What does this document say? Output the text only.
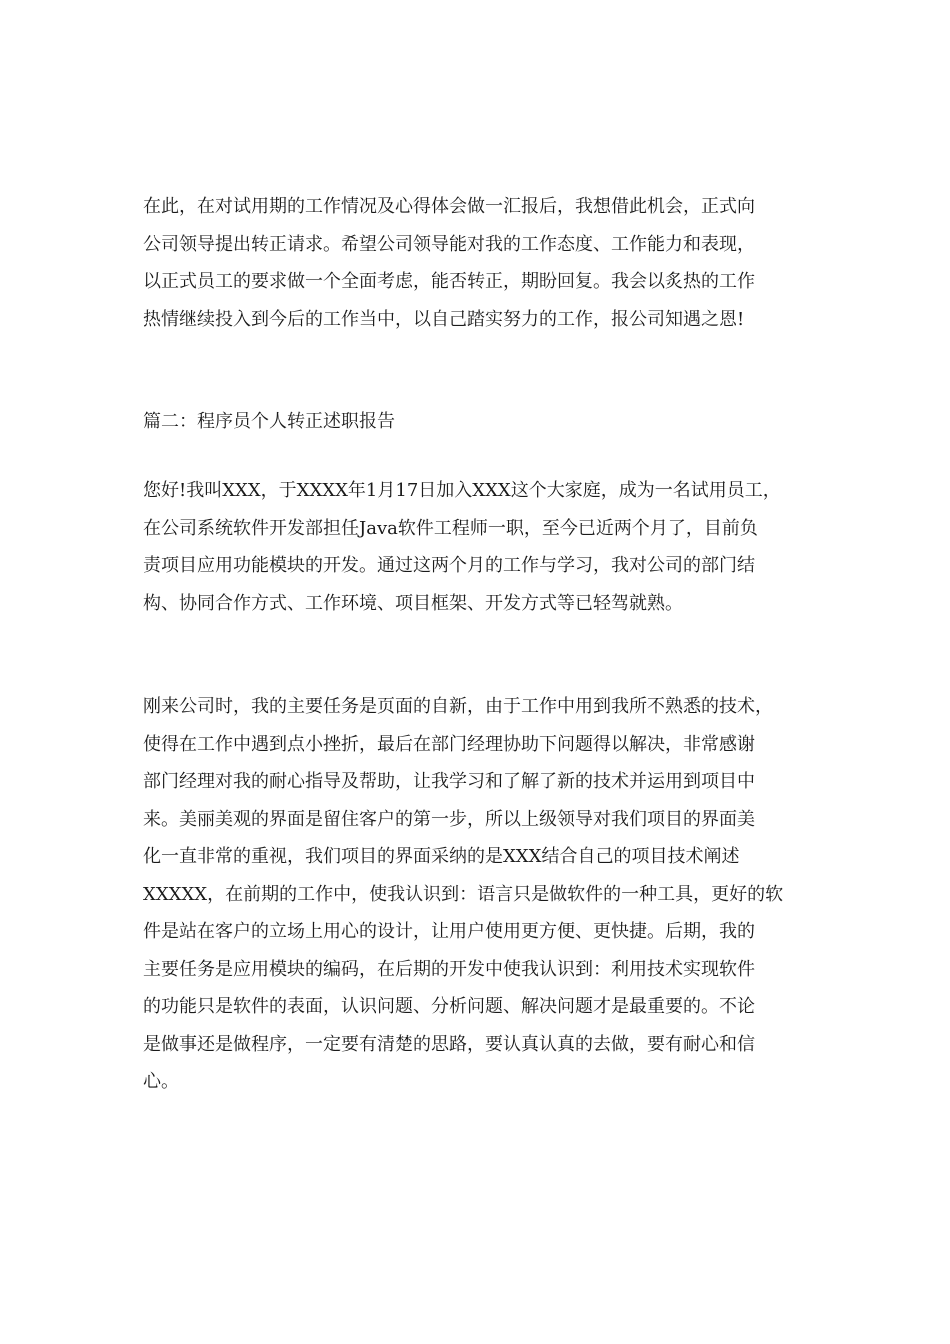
在此，在对试用期的工作情况及心得体会做一汇报后，我想借此机会，正式向
公司领导提出转正请求。希望公司领导能对我的工作态度、工作能力和表现，
以正式员工的要求做一个全面考虑，能否转正，期盼回复。我会以炙热的工作
热情继续投入到今后的工作当中，以自己踏实努力的工作，报公司知遇之恩!
篇二：程序员个人转正述职报告
您好!我叫XXX，于XXXX年1月17日加入XXX这个大家庭，成为一名试用员工，
在公司系统软件开发部担任Java软件工程师一职，至今已近两个月了，目前负
责项目应用功能模块的开发。通过这两个月的工作与学习，我对公司的部门结
构、协同合作方式、工作环境、项目框架、开发方式等已轻驾就熟。
刚来公司时，我的主要任务是页面的自新，由于工作中用到我所不熟悉的技术，
使得在工作中遇到点小挫折，最后在部门经理协助下问题得以解决，非常感谢
部门经理对我的耐心指导及帮助，让我学习和了解了新的技术并运用到项目中
来。美丽美观的界面是留住客户的第一步，所以上级领导对我们项目的界面美
化一直非常的重视，我们项目的界面采纳的是XXX结合自己的项目技术阐述
XXXXX，在前期的工作中，使我认识到：语言只是做软件的一种工具，更好的软
件是站在客户的立场上用心的设计，让用户使用更方便、更快捷。后期，我的
主要任务是应用模块的编码，在后期的开发中使我认识到：利用技术实现软件
的功能只是软件的表面，认识问题、分析问题、解决问题才是最重要的。不论
是做事还是做程序，一定要有清楚的思路，要认真认真的去做，要有耐心和信
心。
